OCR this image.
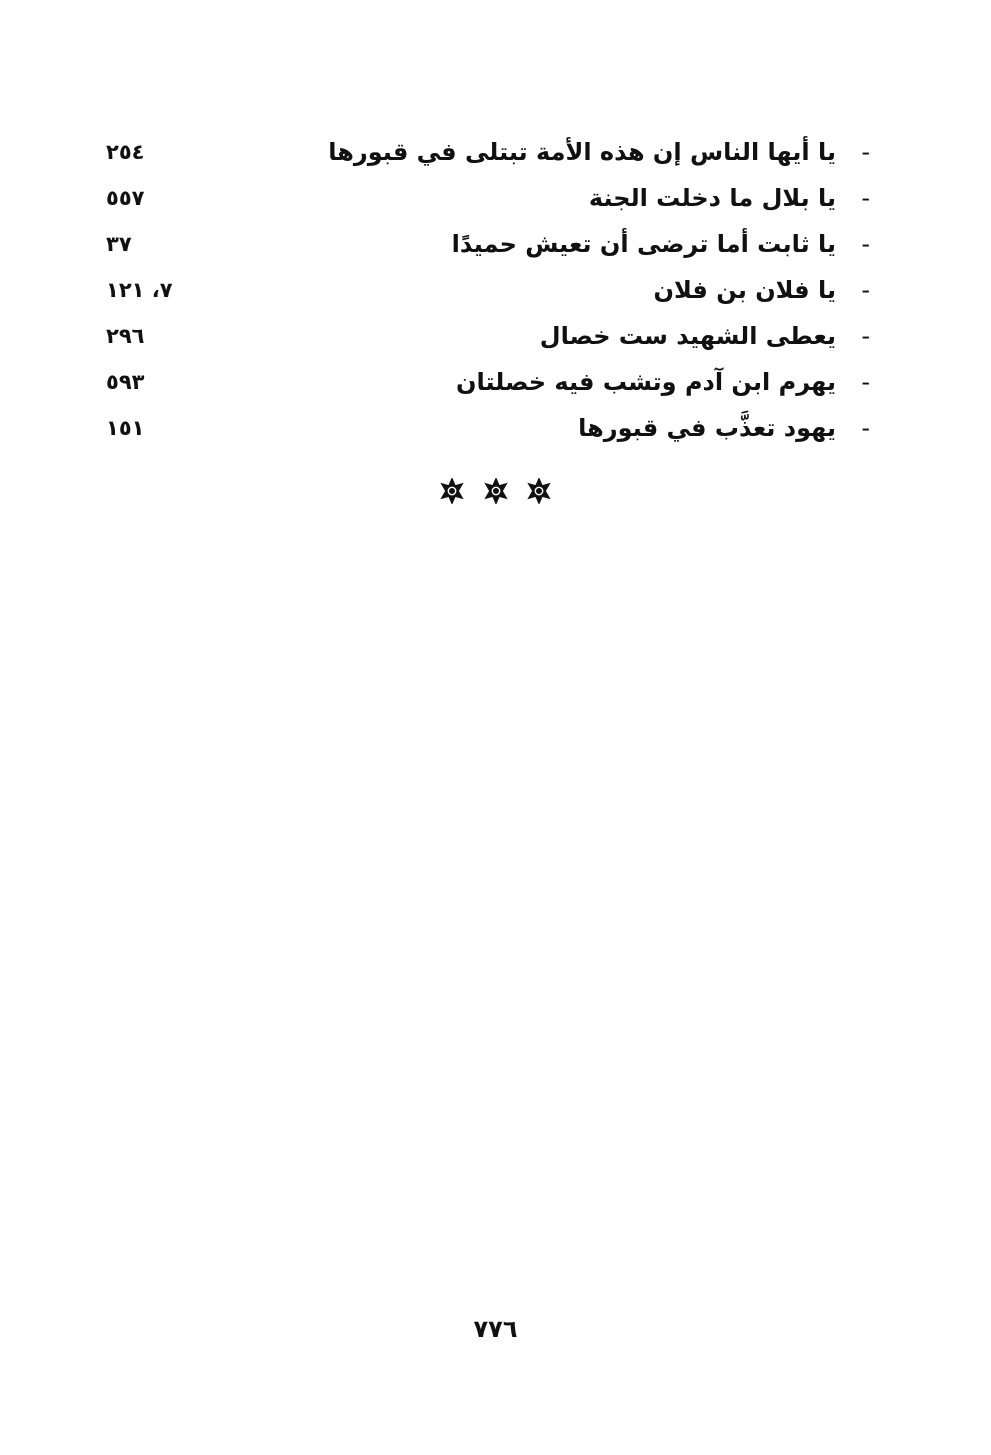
-يا أيها الناس إن هذه الأمة تبتلى في قبورها
٢٥٤
-يا بلال ما دخلت الجنة
٥٥٧
-يا ثابت أما ترضى أن تعيش حميدًا
٣٧
-يا فلان بن فلان
٧، ١٢١
-يعطى الشهيد ست خصال
٢٩٦
-يهرم ابن آدم وتشب فيه خصلتان
٥٩٣
-يهود تعذَّب في قبورها
١٥١

٧٧٦
